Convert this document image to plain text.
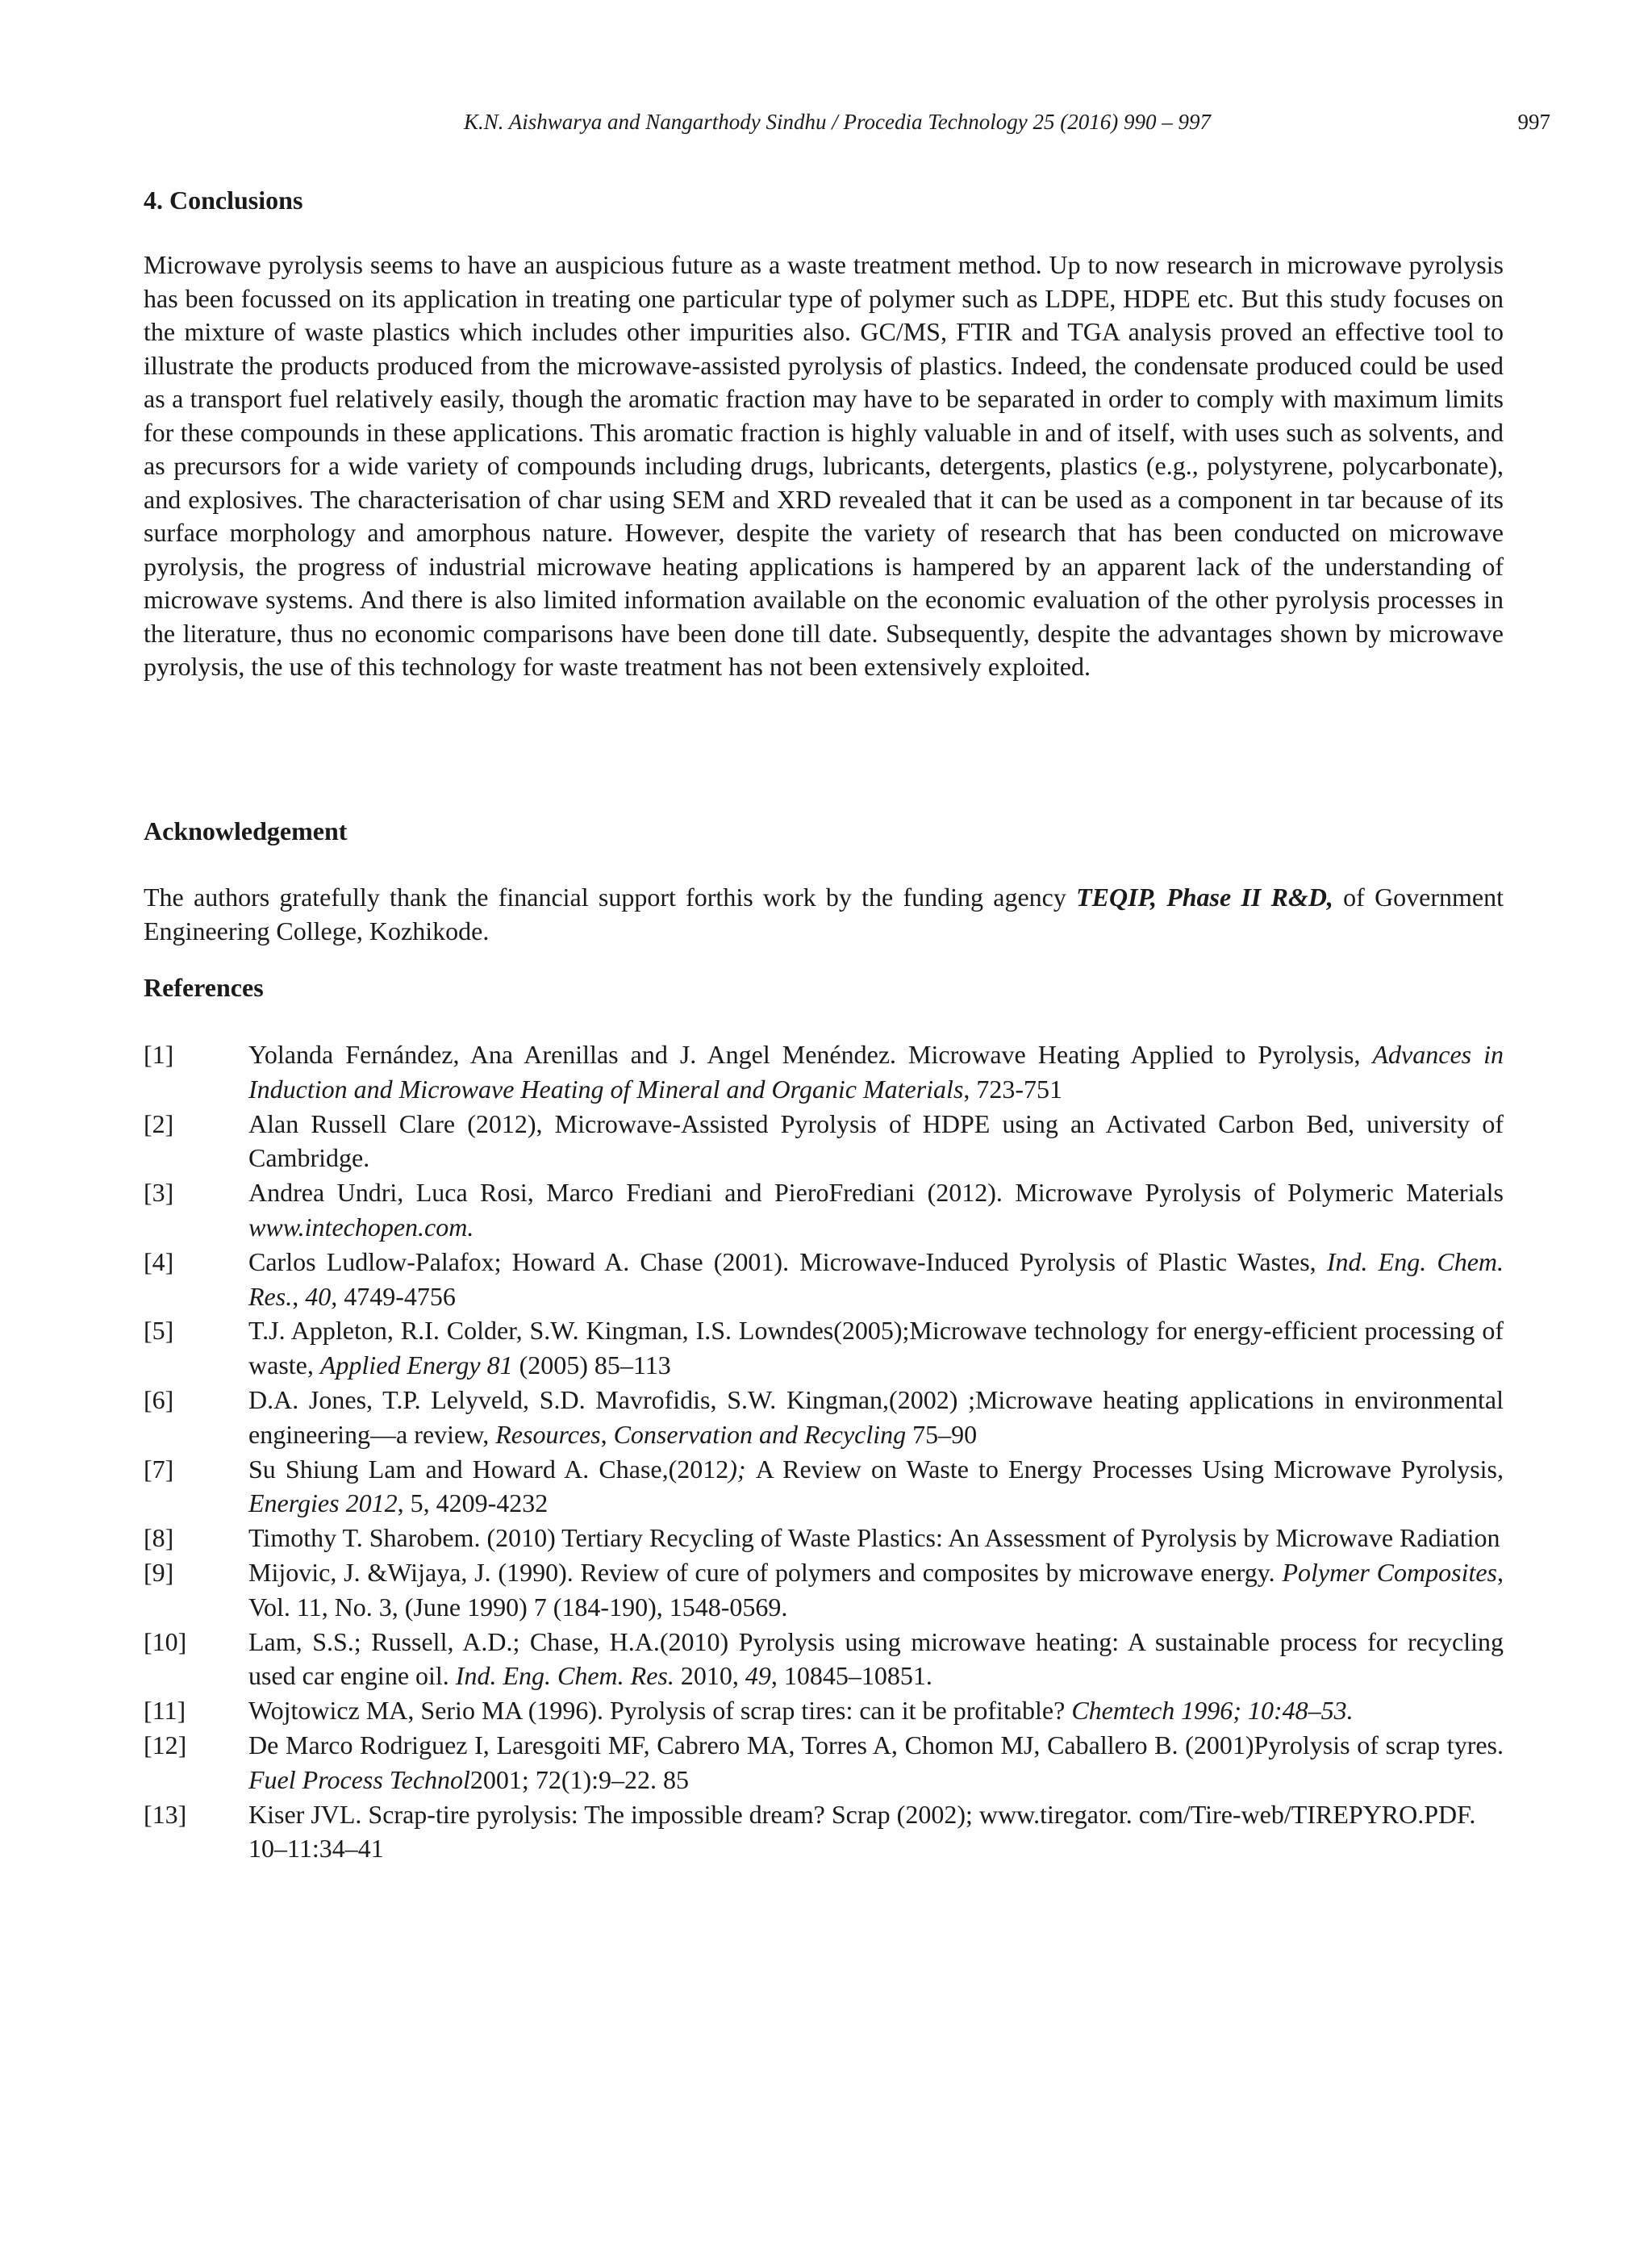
K.N. Aishwarya and Nangarthody Sindhu / Procedia Technology 25 (2016) 990 – 997	997
4. Conclusions

Microwave pyrolysis seems to have an auspicious future as a waste treatment method. Up to now research in microwave pyrolysis has been focussed on its application in treating one particular type of polymer such as LDPE, HDPE etc. But this study focuses on the mixture of waste plastics which includes other impurities also. GC/MS, FTIR and TGA analysis proved an effective tool to illustrate the products produced from the microwave-assisted pyrolysis of plastics. Indeed, the condensate produced could be used as a transport fuel relatively easily, though the aromatic fraction may have to be separated in order to comply with maximum limits for these compounds in these applications. This aromatic fraction is highly valuable in and of itself, with uses such as solvents, and as precursors for a wide variety of compounds including drugs, lubricants, detergents, plastics (e.g., polystyrene, polycarbonate), and explosives. The characterisation of char using SEM and XRD revealed that it can be used as a component in tar because of its surface morphology and amorphous nature. However, despite the variety of research that has been conducted on microwave pyrolysis, the progress of industrial microwave heating applications is hampered by an apparent lack of the understanding of microwave systems. And there is also limited information available on the economic evaluation of the other pyrolysis processes in the literature, thus no economic comparisons have been done till date. Subsequently, despite the advantages shown by microwave pyrolysis, the use of this technology for waste treatment has not been extensively exploited.

Acknowledgement

The authors gratefully thank the financial support forthis work by the funding agency TEQIP, Phase II R&D, of Government Engineering College, Kozhikode.

References
[1]	Yolanda Fernández, Ana Arenillas and J. Angel Menéndez. Microwave Heating Applied to Pyrolysis, Advances in Induction and Microwave Heating of Mineral and Organic Materials, 723-751
[2]	Alan Russell Clare (2012), Microwave-Assisted Pyrolysis of HDPE using an Activated Carbon Bed, university of Cambridge.
[3]	Andrea Undri, Luca Rosi, Marco Frediani and PieroFrediani (2012). Microwave Pyrolysis of Polymeric Materials www.intechopen.com.
[4]	Carlos Ludlow-Palafox; Howard A. Chase (2001). Microwave-Induced Pyrolysis of Plastic Wastes, Ind. Eng. Chem. Res., 40, 4749-4756
[5]	T.J. Appleton, R.I. Colder, S.W. Kingman, I.S. Lowndes(2005);Microwave technology for energy-efficient processing of waste, Applied Energy 81 (2005) 85–113
[6]	D.A. Jones, T.P. Lelyveld, S.D. Mavrofidis, S.W. Kingman,(2002) ;Microwave heating applications in environmental engineering—a review, Resources, Conservation and Recycling 75–90
[7]	Su Shiung Lam and Howard A. Chase,(2012); A Review on Waste to Energy Processes Using Microwave Pyrolysis, Energies 2012, 5, 4209-4232
[8]	Timothy T. Sharobem. (2010) Tertiary Recycling of Waste Plastics: An Assessment of Pyrolysis by Microwave Radiation
[9]	Mijovic, J. &Wijaya, J. (1990). Review of cure of polymers and composites by microwave energy. Polymer Composites, Vol. 11, No. 3, (June 1990) 7 (184-190), 1548-0569.
[10]	Lam, S.S.; Russell, A.D.; Chase, H.A.(2010) Pyrolysis using microwave heating: A sustainable process for recycling used car engine oil. Ind. Eng. Chem. Res. 2010, 49, 10845–10851.
[11]	Wojtowicz MA, Serio MA (1996). Pyrolysis of scrap tires: can it be profitable? Chemtech 1996; 10:48–53.
[12]	De Marco Rodriguez I, Laresgoiti MF, Cabrero MA, Torres A, Chomon MJ, Caballero B. (2001)Pyrolysis of scrap tyres. Fuel Process Technol2001; 72(1):9–22. 85
[13]	Kiser JVL. Scrap-tire pyrolysis: The impossible dream? Scrap (2002); www.tiregator. com/Tire-web/TIREPYRO.PDF. 10–11:34–41
